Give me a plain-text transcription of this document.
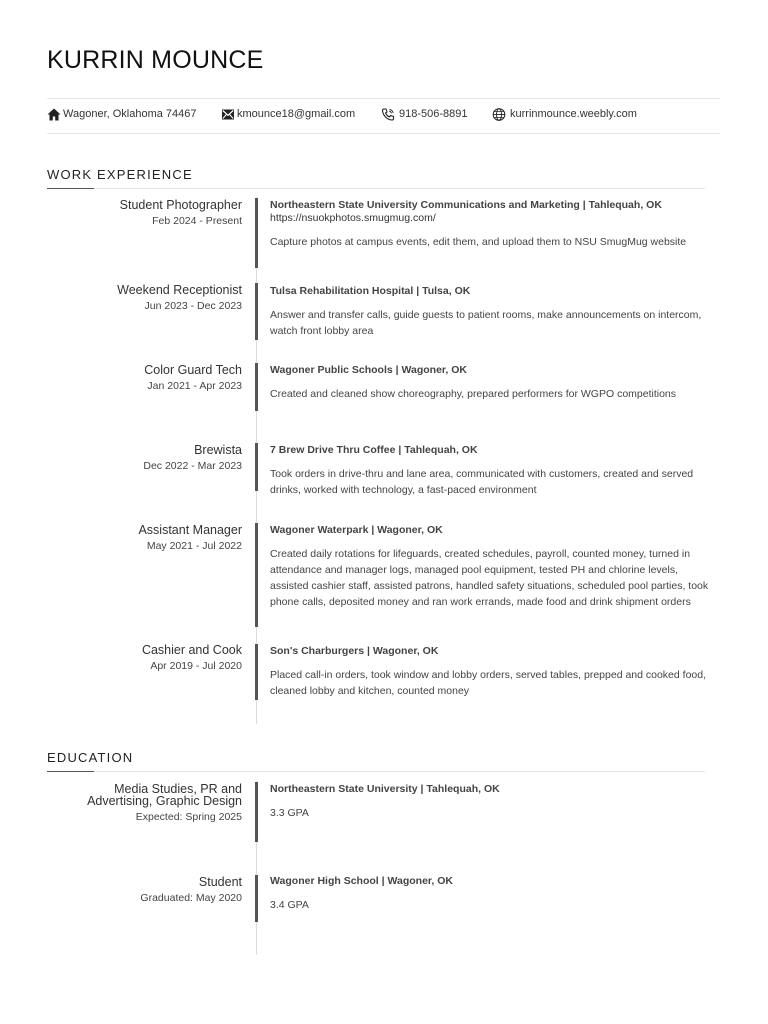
KURRIN MOUNCE
Wagoner, Oklahoma 74467	kmounce18@gmail.com	918-506-8891	kurrinmounce.weebly.com
WORK EXPERIENCE
Student Photographer
Feb 2024 - Present
Northeastern State University Communications and Marketing | Tahlequah, OK
https://nsuokphotos.smugmug.com/
Capture photos at campus events, edit them, and upload them to NSU SmugMug website
Weekend Receptionist
Jun 2023 - Dec 2023
Tulsa Rehabilitation Hospital | Tulsa, OK
Answer and transfer calls, guide guests to patient rooms, make announcements on intercom, watch front lobby area
Color Guard Tech
Jan 2021 - Apr 2023
Wagoner Public Schools | Wagoner, OK
Created and cleaned show choreography, prepared performers for WGPO competitions
Brewista
Dec 2022 - Mar 2023
7 Brew Drive Thru Coffee | Tahlequah, OK
Took orders in drive-thru and lane area, communicated with customers, created and served drinks, worked with technology, a fast-paced environment
Assistant Manager
May 2021 - Jul 2022
Wagoner Waterpark | Wagoner, OK
Created daily rotations for lifeguards, created schedules, payroll, counted money, turned in attendance and manager logs, managed pool equipment, tested PH and chlorine levels, assisted cashier staff, assisted patrons, handled safety situations, scheduled pool parties, took phone calls, deposited money and ran work errands, made food and drink shipment orders
Cashier and Cook
Apr 2019 - Jul 2020
Son's Charburgers | Wagoner, OK
Placed call-in orders, took window and lobby orders, served tables, prepped and cooked food, cleaned lobby and kitchen, counted money
EDUCATION
Media Studies, PR and
Advertising, Graphic Design
Expected: Spring 2025
Northeastern State University | Tahlequah, OK
3.3 GPA
Student
Graduated: May 2020
Wagoner High School | Wagoner, OK
3.4 GPA
